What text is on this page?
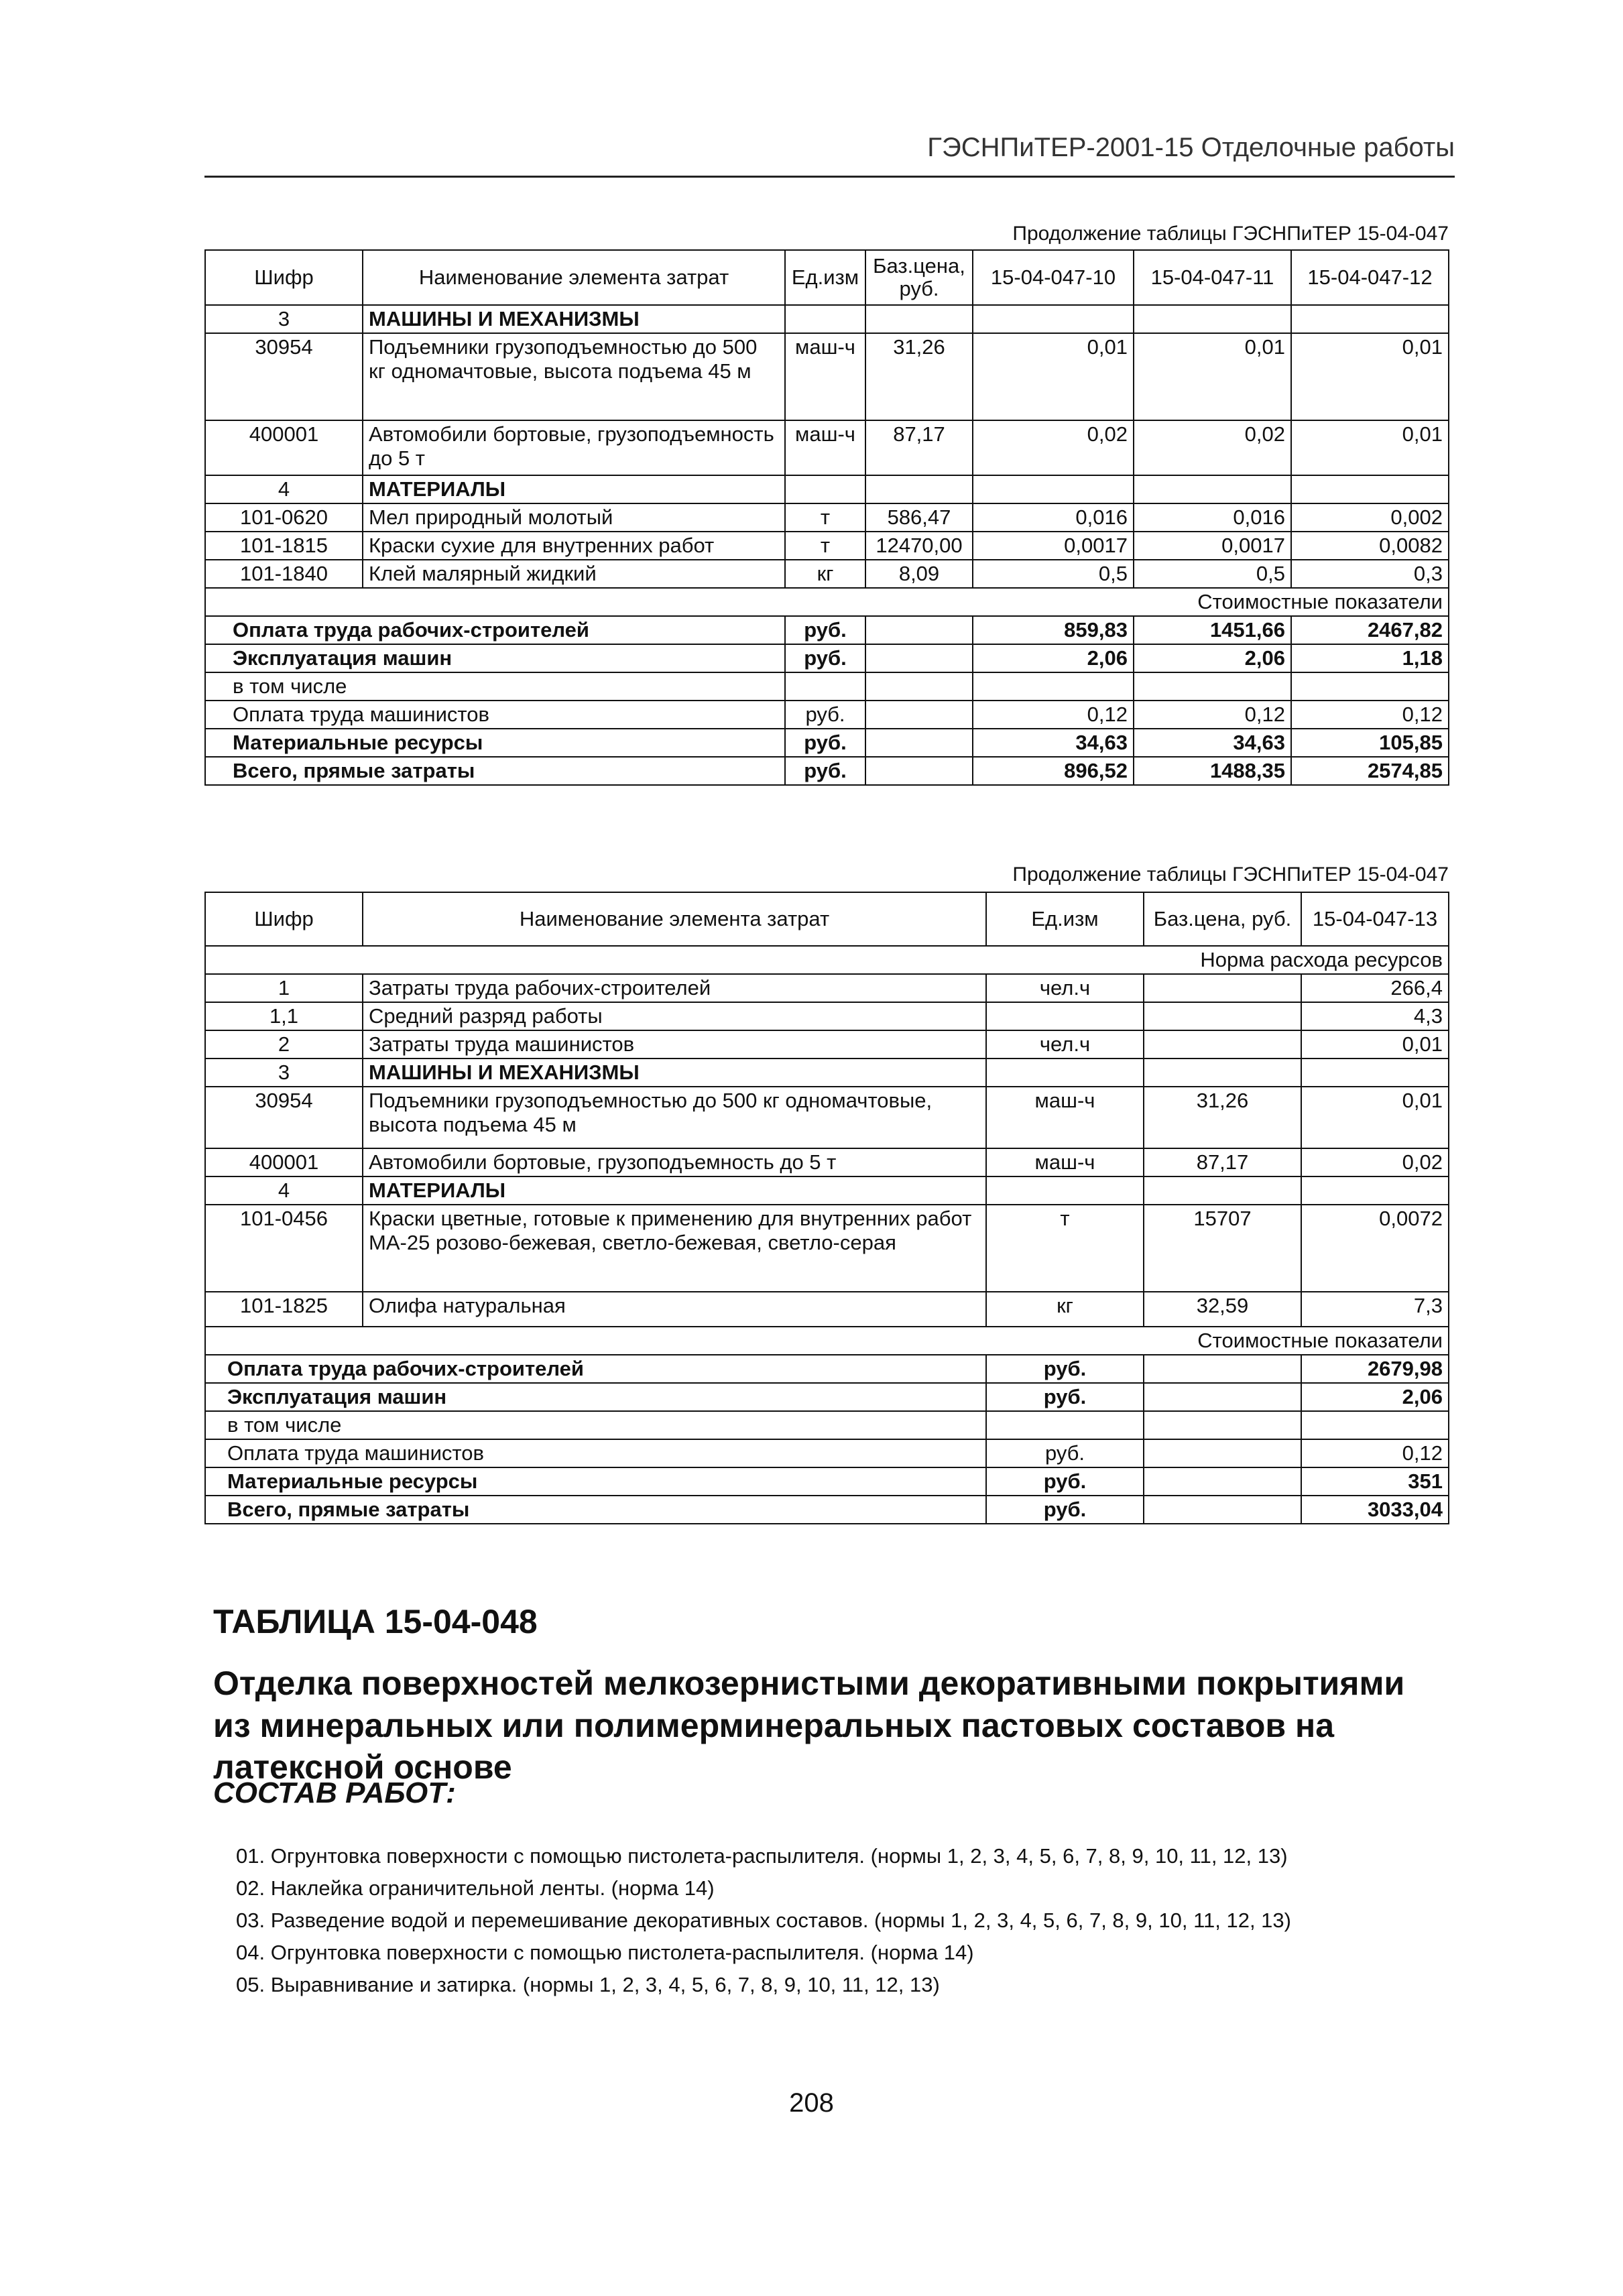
ГЭСНПиТЕР-2001-15 Отделочные работы
Продолжение таблицы ГЭСНПиТЕР 15-04-047
Шифр	Наименование элемента затрат	Ед.изм	Баз.цена, руб.	15-04-047-10	15-04-047-11	15-04-047-12
3	МАШИНЫ И МЕХАНИЗМЫ					
30954	Подъемники грузоподъемностью до 500 кг одномачтовые, высота подъема 45 м	маш-ч	31,26	0,01	0,01	0,01
400001	Автомобили бортовые, грузоподъемность до 5 т	маш-ч	87,17	0,02	0,02	0,01
4	МАТЕРИАЛЫ					
101-0620	Мел природный молотый	т	586,47	0,016	0,016	0,002
101-1815	Краски сухие для внутренних работ	т	12470,00	0,0017	0,0017	0,0082
101-1840	Клей малярный жидкий	кг	8,09	0,5	0,5	0,3
Стоимостные показатели						
Оплата труда рабочих-строителей		руб.		859,83	1451,66	2467,82
Эксплуатация машин		руб.		2,06	2,06	1,18
в том числе						
Оплата труда машинистов		руб.		0,12	0,12	0,12
Материальные ресурсы		руб.		34,63	34,63	105,85
Всего, прямые затраты		руб.		896,52	1488,35	2574,85
Продолжение таблицы ГЭСНПиТЕР 15-04-047
Шифр	Наименование элемента затрат	Ед.изм	Баз.цена, руб.	15-04-047-13
Норма расхода ресурсов				
1	Затраты труда рабочих-строителей	чел.ч		266,4
1,1	Средний разряд работы			4,3
2	Затраты труда машинистов	чел.ч		0,01
3	МАШИНЫ И МЕХАНИЗМЫ			
30954	Подъемники грузоподъемностью до 500 кг одномачтовые, высота подъема 45 м	маш-ч	31,26	0,01
400001	Автомобили бортовые, грузоподъемность до 5 т	маш-ч	87,17	0,02
4	МАТЕРИАЛЫ			
101-0456	Краски цветные, готовые к применению для внутренних работ МА-25 розово-бежевая, светло-бежевая, светло-серая	т	15707	0,0072
101-1825	Олифа натуральная	кг	32,59	7,3
Стоимостные показатели				
Оплата труда рабочих-строителей		руб.		2679,98
Эксплуатация машин		руб.		2,06
в том числе				
Оплата труда машинистов		руб.		0,12
Материальные ресурсы		руб.		351
Всего, прямые затраты		руб.		3033,04
ТАБЛИЦА 15-04-048
Отделка поверхностей мелкозернистыми декоративными покрытиями из минеральных или полимерминеральных пастовых составов на латексной основе
СОСТАВ РАБОТ:
01. Огрунтовка поверхности с помощью пистолета-распылителя. (нормы 1, 2, 3, 4, 5, 6, 7, 8, 9, 10, 11, 12, 13)
02. Наклейка ограничительной ленты. (норма 14)
03. Разведение водой и перемешивание декоративных составов. (нормы 1, 2, 3, 4, 5, 6, 7, 8, 9, 10, 11, 12, 13)
04. Огрунтовка поверхности с помощью пистолета-распылителя. (норма 14)
05. Выравнивание и затирка. (нормы 1, 2, 3, 4, 5, 6, 7, 8, 9, 10, 11, 12, 13)
208
